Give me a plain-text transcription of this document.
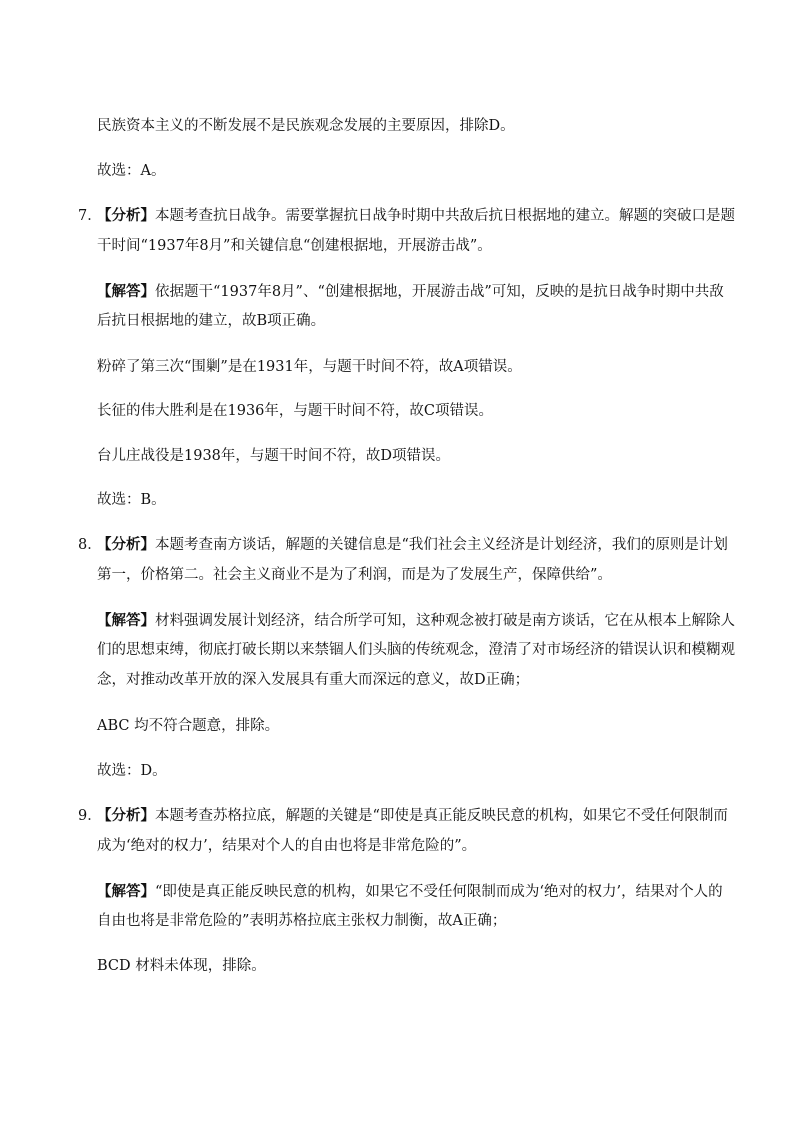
民族资本主义的不断发展不是民族观念发展的主要原因，排除D。
故选：A。
7．
【分析】本题考查抗日战争。需要掌握抗日战争时期中共敌后抗日根据地的建立。解题的突破口是题
干时间“1937年8月”和关键信息“创建根据地，开展游击战”。
【解答】依据题干“1937年8月”、“创建根据地，开展游击战”可知，反映的是抗日战争时期中共敌
后抗日根据地的建立，故B项正确。
粉碎了第三次“围剿”是在1931年，与题干时间不符，故A项错误。
长征的伟大胜利是在1936年，与题干时间不符，故C项错误。
台儿庄战役是1938年，与题干时间不符，故D项错误。
故选：B。
8．
【分析】本题考查南方谈话，解题的关键信息是“我们社会主义经济是计划经济，我们的原则是计划
第一，价格第二。社会主义商业不是为了利润，而是为了发展生产，保障供给”。
【解答】材料强调发展计划经济，结合所学可知，这种观念被打破是南方谈话，它在从根本上解除人
们的思想束缚，彻底打破长期以来禁锢人们头脑的传统观念，澄清了对市场经济的错误认识和模糊观
念，对推动改革开放的深入发展具有重大而深远的意义，故D正确；
ABC 均不符合题意，排除。
故选：D。
9．
【分析】本题考查苏格拉底，解题的关键是“即使是真正能反映民意的机构，如果它不受任何限制而
成为‘绝对的权力’，结果对个人的自由也将是非常危险的”。
【解答】“即使是真正能反映民意的机构，如果它不受任何限制而成为‘绝对的权力’，结果对个人的
自由也将是非常危险的”表明苏格拉底主张权力制衡，故A正确；
BCD 材料未体现，排除。
